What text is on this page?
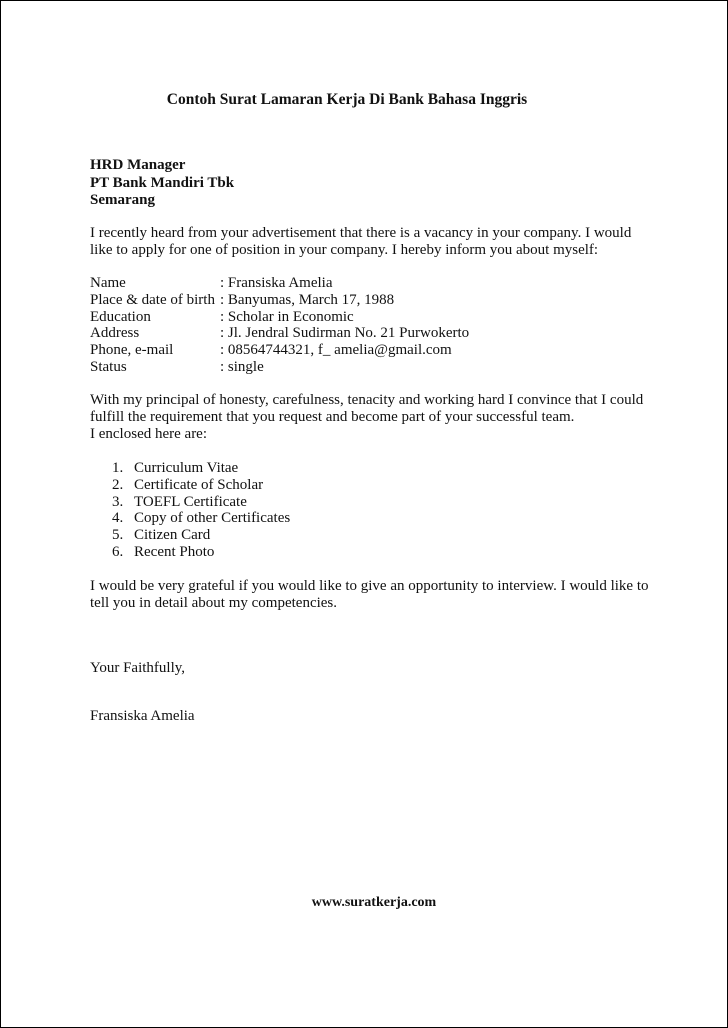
Contoh Surat Lamaran Kerja Di Bank Bahasa Inggris
HRD Manager
PT Bank Mandiri Tbk
Semarang
I recently heard from your advertisement that there is a vacancy in your company. I would like to apply for one of position in your company. I hereby inform you about myself:
Name	: Fransiska Amelia
Place & date of birth : Banyumas, March 17, 1988
Education	: Scholar in Economic
Address	: Jl. Jendral Sudirman No. 21 Purwokerto
Phone, e-mail	: 08564744321, f_ amelia@gmail.com
Status	: single
With my principal of honesty, carefulness, tenacity and working hard I convince that I could fulfill the requirement that you request and become part of your successful team.
I enclosed here are:
1. Curriculum Vitae
2. Certificate of Scholar
3. TOEFL Certificate
4. Copy of other Certificates
5. Citizen Card
6. Recent Photo
I would be very grateful if you would like to give an opportunity to interview. I would like to tell you in detail about my competencies.
Your Faithfully,
Fransiska Amelia
www.suratkerja.com
